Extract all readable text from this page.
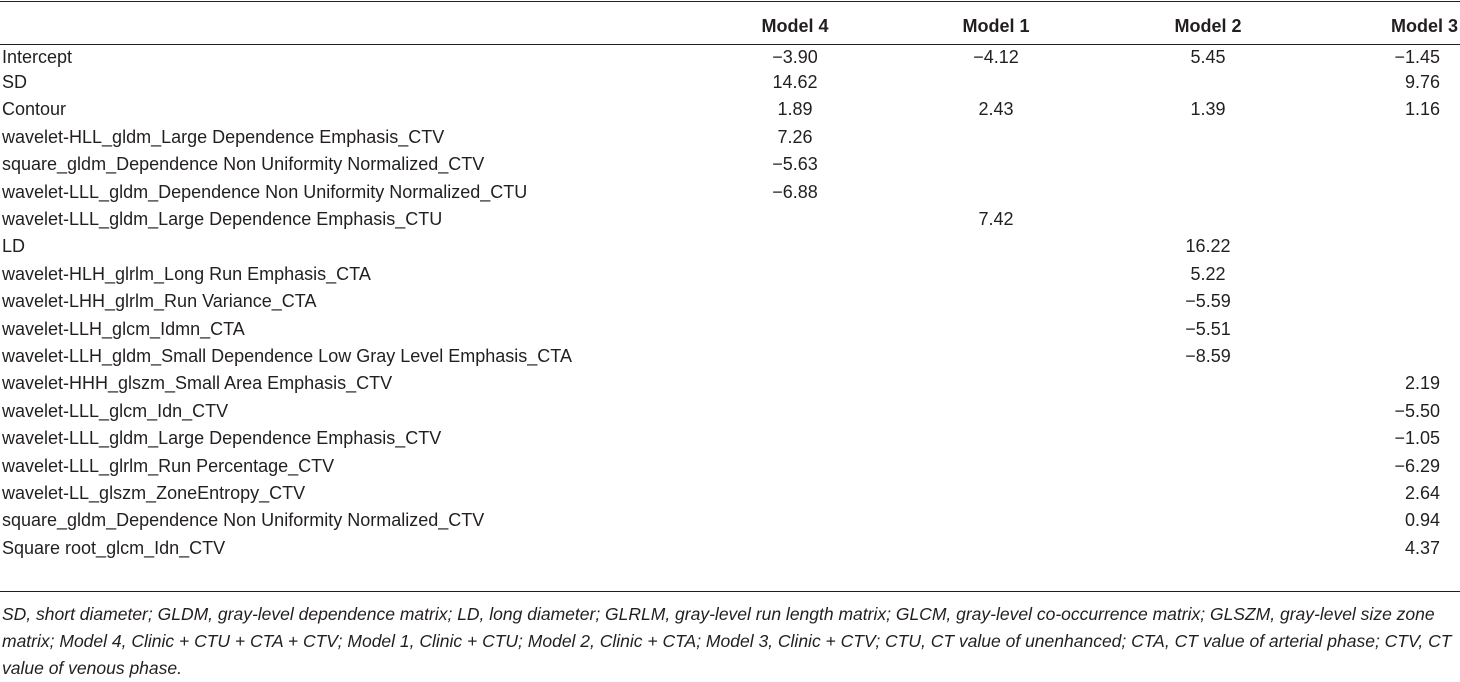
	Model 4	Model 1	Model 2	Model 3
Intercept	−3.90	−4.12	5.45	−1.45
SD	14.62			9.76
Contour	1.89	2.43	1.39	1.16
wavelet-HLL_gldm_Large Dependence Emphasis_CTV	7.26			
square_gldm_Dependence Non Uniformity Normalized_CTV	−5.63			
wavelet-LLL_gldm_Dependence Non Uniformity Normalized_CTU	−6.88			
wavelet-LLL_gldm_Large Dependence Emphasis_CTU		7.42		
LD			16.22	
wavelet-HLH_glrlm_Long Run Emphasis_CTA			5.22	
wavelet-LHH_glrlm_Run Variance_CTA			−5.59	
wavelet-LLH_glcm_Idmn_CTA			−5.51	
wavelet-LLH_gldm_Small Dependence Low Gray Level Emphasis_CTA			−8.59	
wavelet-HHH_glszm_Small Area Emphasis_CTV				2.19
wavelet-LLL_glcm_Idn_CTV				−5.50
wavelet-LLL_gldm_Large Dependence Emphasis_CTV				−1.05
wavelet-LLL_glrlm_Run Percentage_CTV				−6.29
wavelet-LL_glszm_ZoneEntropy_CTV				2.64
square_gldm_Dependence Non Uniformity Normalized_CTV				0.94
Square root_glcm_Idn_CTV				4.37
SD, short diameter; GLDM, gray-level dependence matrix; LD, long diameter; GLRLM, gray-level run length matrix; GLCM, gray-level co-occurrence matrix; GLSZM, gray-level size zone matrix; Model 4, Clinic + CTU + CTA + CTV; Model 1, Clinic + CTU; Model 2, Clinic + CTA; Model 3, Clinic + CTV; CTU, CT value of unenhanced; CTA, CT value of arterial phase; CTV, CT value of venous phase.
